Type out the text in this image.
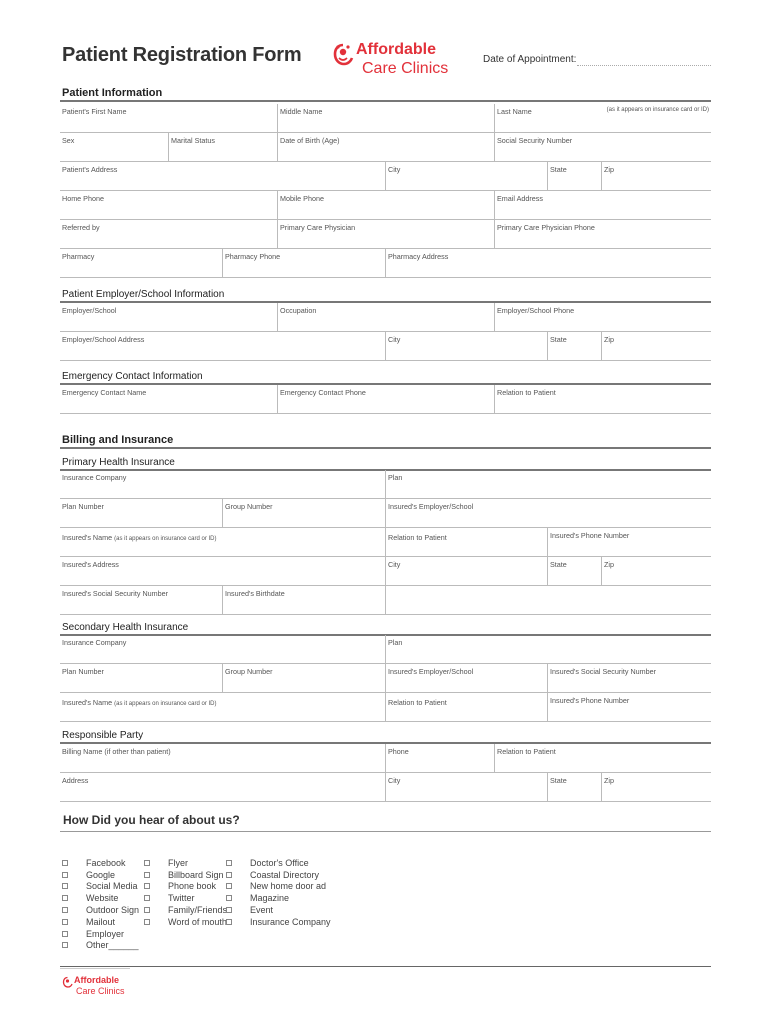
Patient Registration Form	Affordable
Care Clinics
Date of Appointment:
Patient Information
Patient's First Name	Middle Name	Last Name	(as it appears on insurance card or ID)
Sex	Marital Status	Date of Birth (Age)	Social Security Number
Patient's Address	City	State	Zip
Home Phone	Mobile Phone	Email Address
Referred by	Primary Care Physician	Primary Care Physician Phone
Pharmacy	Pharmacy Phone	Pharmacy Address
Patient Employer/School Information
Employer/School	Occupation	Employer/School Phone
Employer/School Address	City	State	Zip
Emergency Contact Information
Emergency Contact Name	Emergency Contact Phone	Relation to Patient
Billing and Insurance
Primary Health Insurance
Insurance Company	Plan
Plan Number	Group Number	Insured's Employer/School
Insured's Name (as it appears on insurance card or ID)	Relation to Patient	Insured's Phone Number
Insured's Address	City	State	Zip
Insured's Social Security Number	Insured's Birthdate
Secondary Health Insurance
Insurance Company	Plan
Plan Number	Group Number	Insured's Employer/School	Insured's Social Security Number
Insured's Name (as it appears on insurance card or ID)	Relation to Patient	Insured's Phone Number
Responsible Party
Billing Name (if other than patient)	Phone	Relation to Patient
Address	City	State	Zip
How Did you hear of about us?
Facebook
Google
Social Media
Website
Outdoor Sign
Mailout
Employer
Other______
Flyer
Billboard Sign
Phone book
Twitter
Family/Friends
Word of mouth
Doctor's Office
Coastal Directory
New home door ad
Magazine
Event
Insurance Company
Affordable
Care Clinics
